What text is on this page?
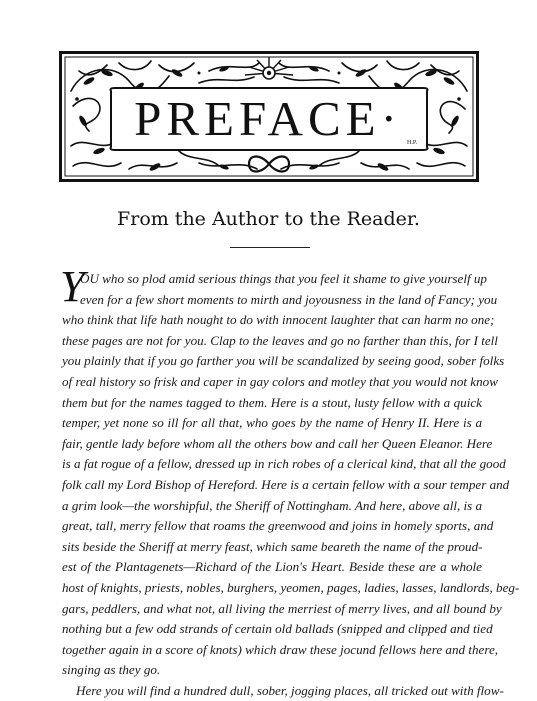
H.P.
PREFACE·
From the Author to the Reader.
Y
OU who so plod amid serious things that you feel it shame to give yourself up
even for a few short moments to mirth and joyousness in the land of Fancy; you
who think that life hath nought to do with innocent laughter that can harm no one;
these pages are not for you. Clap to the leaves and go no farther than this, for I tell
you plainly that if you go farther you will be scandalized by seeing good, sober folks
of real history so frisk and caper in gay colors and motley that you would not know
them but for the names tagged to them. Here is a stout, lusty fellow with a quick
temper, yet none so ill for all that, who goes by the name of Henry II. Here is a
fair, gentle lady before whom all the others bow and call her Queen Eleanor. Here
is a fat rogue of a fellow, dressed up in rich robes of a clerical kind, that all the good
folk call my Lord Bishop of Hereford. Here is a certain fellow with a sour temper and
a grim look—the worshipful, the Sheriff of Nottingham. And here, above all, is a
great, tall, merry fellow that roams the greenwood and joins in homely sports, and
sits beside the Sheriff at merry feast, which same beareth the name of the proud-
est of the Plantagenets—Richard of the Lion's Heart. Beside these are a whole
host of knights, priests, nobles, burghers, yeomen, pages, ladies, lasses, landlords, beg-
gars, peddlers, and what not, all living the merriest of merry lives, and all bound by
nothing but a few odd strands of certain old ballads (snipped and clipped and tied
together again in a score of knots) which draw these jocund fellows here and there,
singing as they go.
Here you will find a hundred dull, sober, jogging places, all tricked out with flow-
